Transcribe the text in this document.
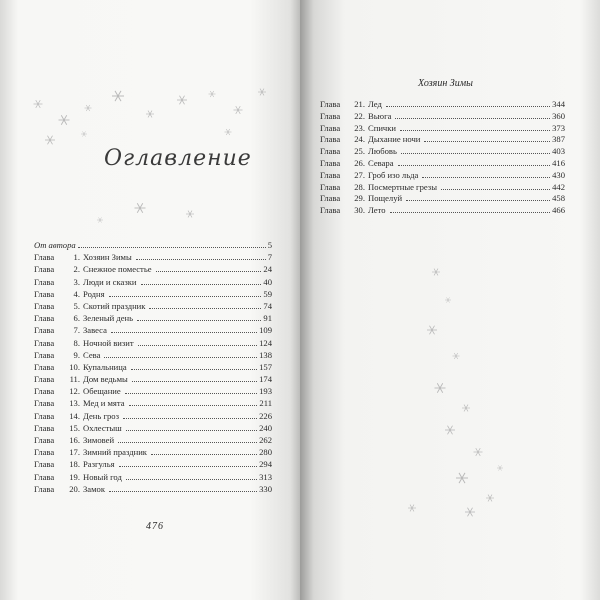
Оглавление
От автора	5
Глава	1. Хозяин Зимы	7
Глава	2. Снежное поместье	24
Глава	3. Люди и сказки	40
Глава	4. Родня	59
Глава	5. Скотий праздник	74
Глава	6. Зеленый день	91
Глава	7. Завеса	109
Глава	8. Ночной визит	124
Глава	9. Сева	138
Глава	10. Купальница	157
Глава	11. Дом ведьмы	174
Глава	12. Обещание	193
Глава	13. Мед и мята	211
Глава	14. День гроз	226
Глава	15. Охлестыш	240
Глава	16. Зимовей	262
Глава	17. Зимний праздник	280
Глава	18. Разгулья	294
Глава	19. Новый год	313
Глава	20. Замок	330
476
Хозяин Зимы
Глава	21. Лед	344
Глава	22. Вьюга	360
Глава	23. Спички	373
Глава	24. Дыхание ночи	387
Глава	25. Любовь	403
Глава	26. Севара	416
Глава	27. Гроб изо льда	430
Глава	28. Посмертные грезы	442
Глава	29. Пощелуй	458
Глава	30. Лето	466
